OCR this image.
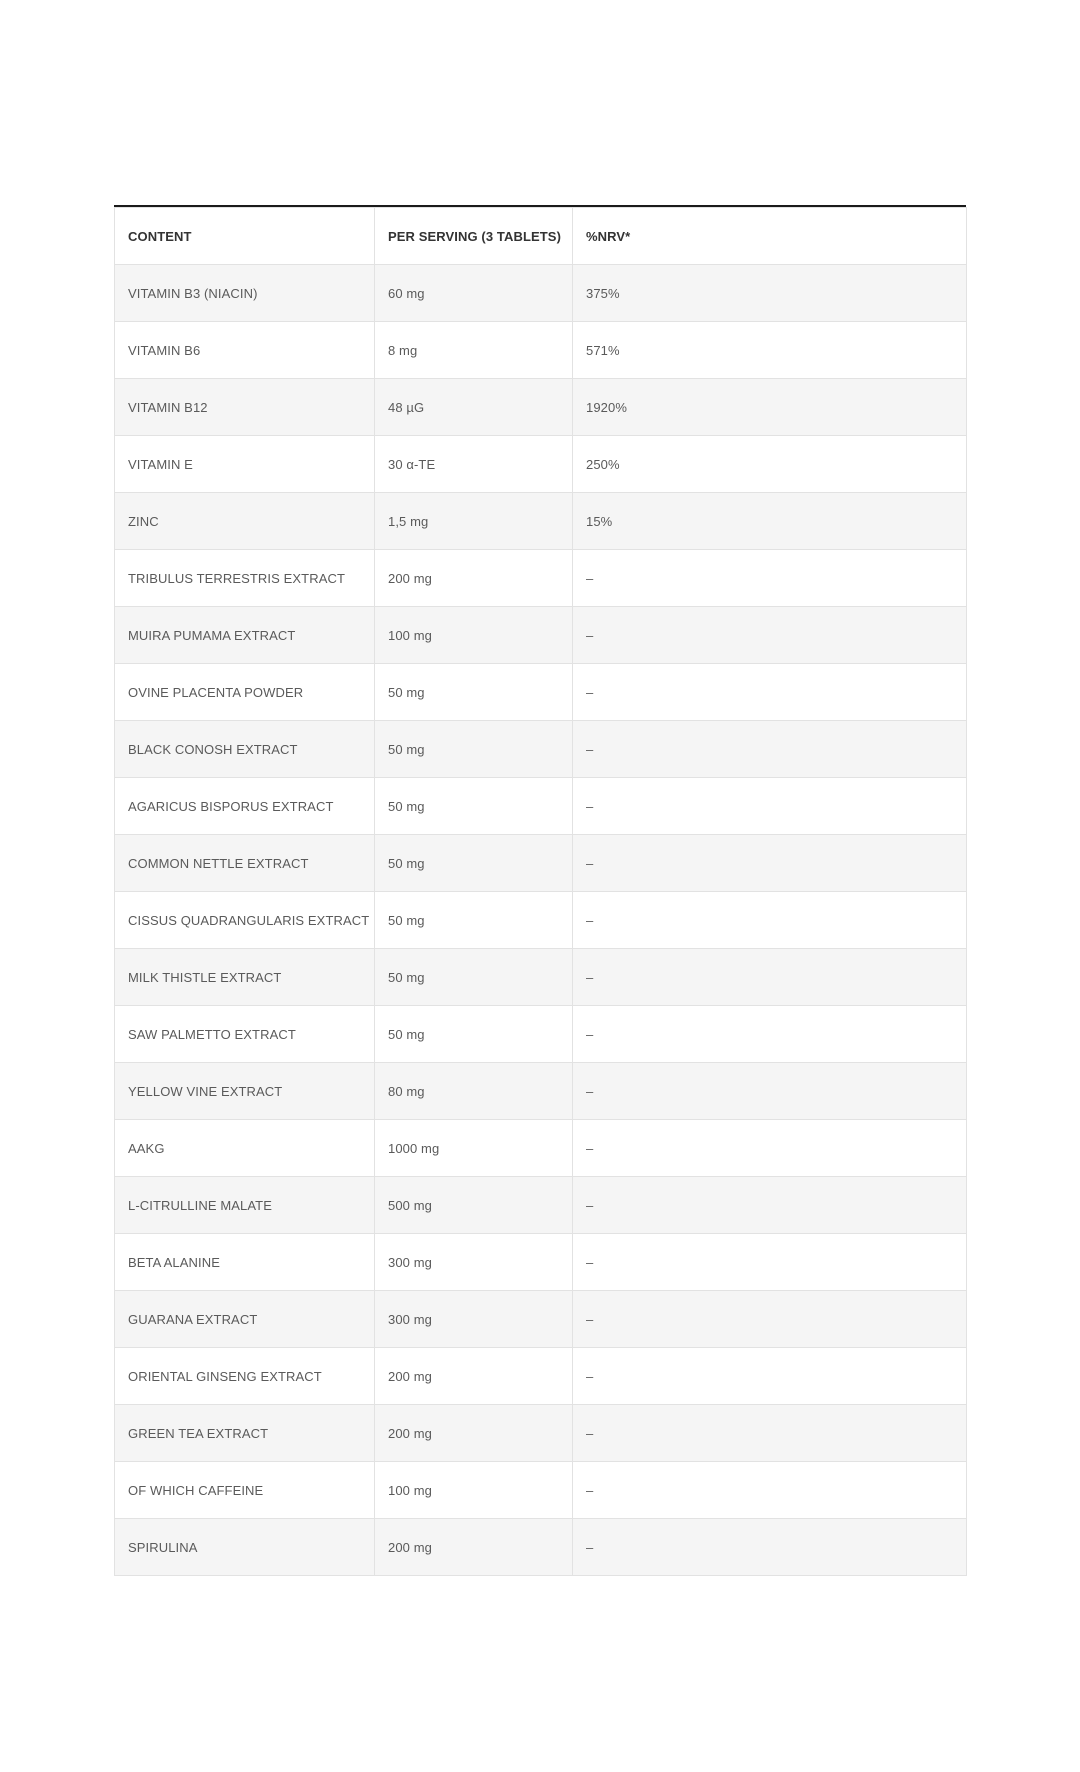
CONTENT	PER SERVING (3 TABLETS)	%NRV*
VITAMIN B3 (NIACIN)	60 mg	375%
VITAMIN B6	8 mg	571%
VITAMIN B12	48 µG	1920%
VITAMIN E	30 α-TE	250%
ZINC	1,5 mg	15%
TRIBULUS TERRESTRIS EXTRACT	200 mg	–
MUIRA PUMAMA EXTRACT	100 mg	–
OVINE PLACENTA POWDER	50 mg	–
BLACK CONOSH EXTRACT	50 mg	–
AGARICUS BISPORUS EXTRACT	50 mg	–
COMMON NETTLE EXTRACT	50 mg	–
CISSUS QUADRANGULARIS EXTRACT	50 mg	–
MILK THISTLE EXTRACT	50 mg	–
SAW PALMETTO EXTRACT	50 mg	–
YELLOW VINE EXTRACT	80 mg	–
AAKG	1000 mg	–
L-CITRULLINE MALATE	500 mg	–
BETA ALANINE	300 mg	–
GUARANA EXTRACT	300 mg	–
ORIENTAL GINSENG EXTRACT	200 mg	–
GREEN TEA EXTRACT	200 mg	–
OF WHICH CAFFEINE	100 mg	–
SPIRULINA	200 mg	–
